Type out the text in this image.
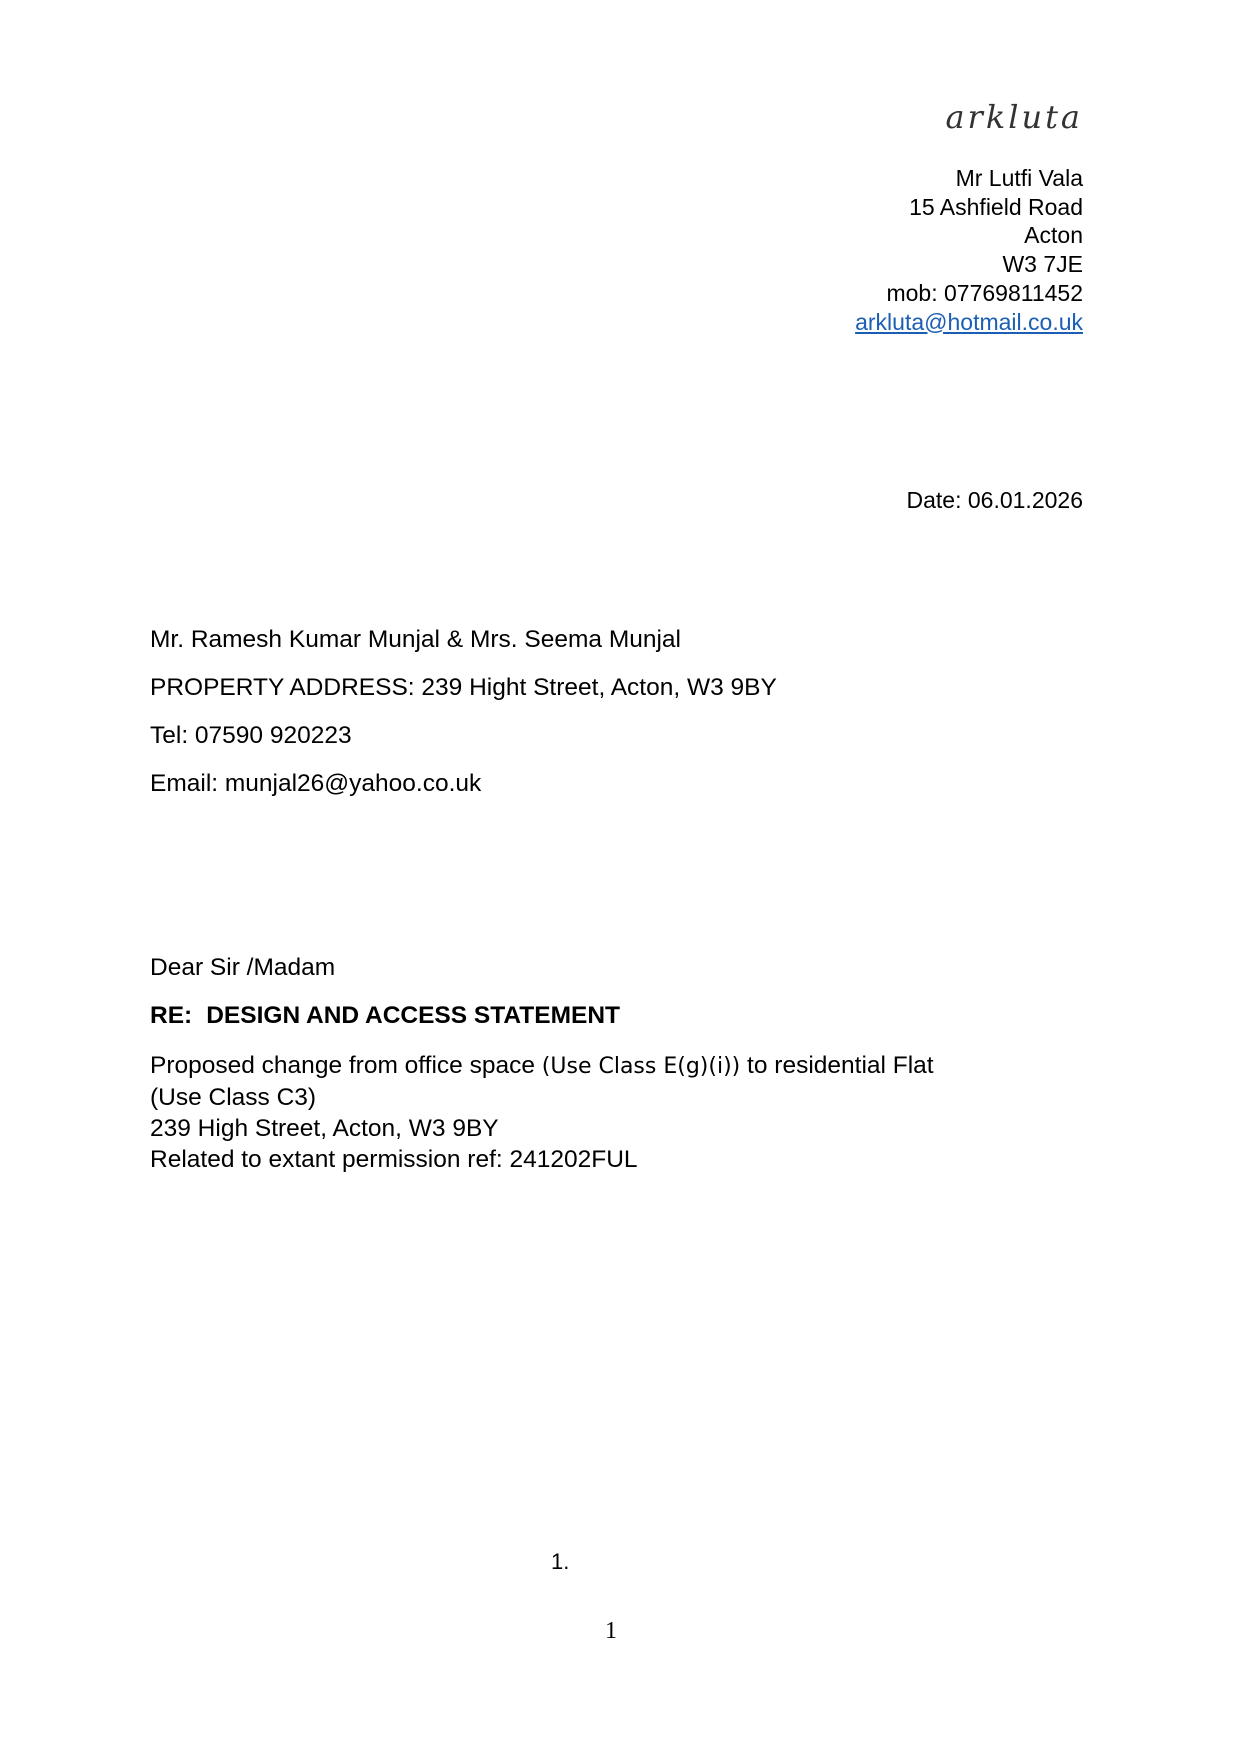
arkluta
Mr Lutfi Vala
15 Ashfield Road
Acton
W3 7JE
mob: 07769811452
arkluta@hotmail.co.uk
Date: 06.01.2026
Mr. Ramesh Kumar Munjal & Mrs. Seema Munjal
PROPERTY ADDRESS: 239 Hight Street, Acton, W3 9BY
Tel: 07590 920223
Email: munjal26@yahoo.co.uk
Dear Sir /Madam
RE: DESIGN AND ACCESS STATEMENT
Proposed change from office space (Use Class E(g)(i)) to residential Flat
(Use Class C3)
239 High Street, Acton, W3 9BY
Related to extant permission ref: 241202FUL
1.
1
